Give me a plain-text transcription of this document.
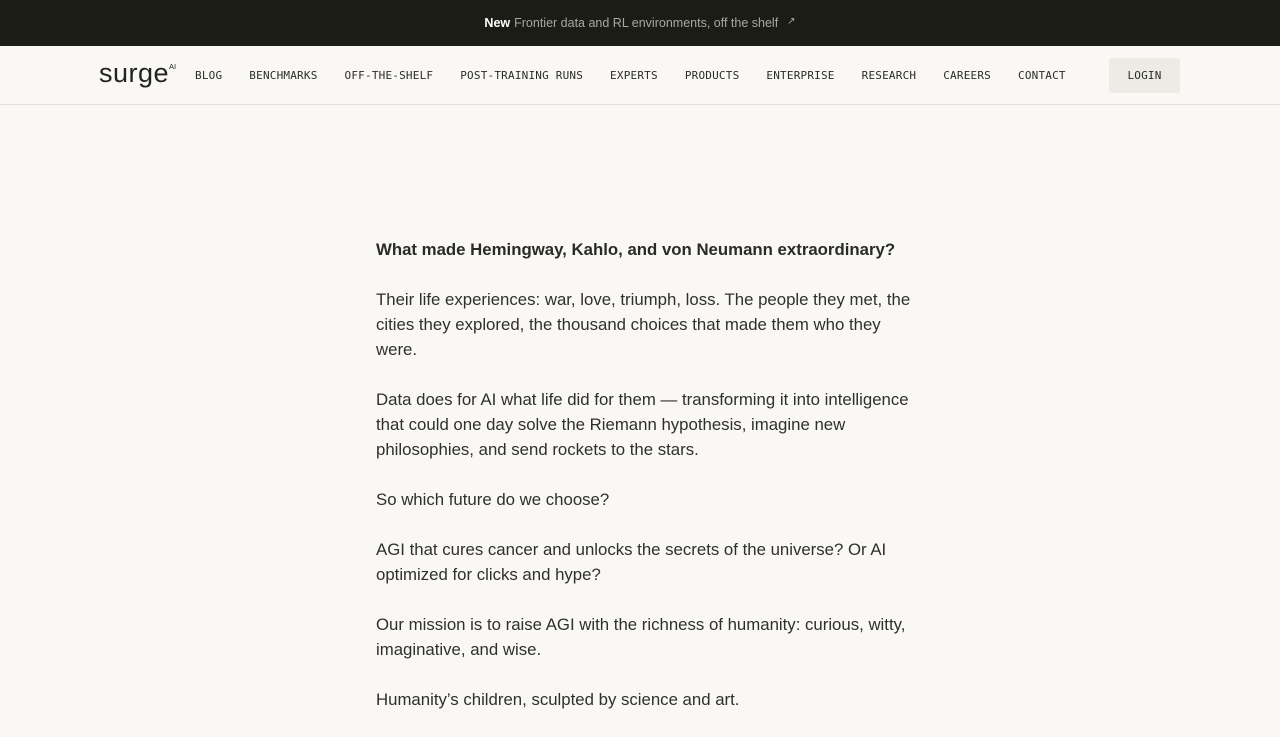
New Frontier data and RL environments, off the shelf ↗
surge AI
BLOG BENCHMARKS OFF-THE-SHELF POST-TRAINING RUNS EXPERTS PRODUCTS ENTERPRISE RESEARCH CAREERS CONTACT	LOGIN

What made Hemingway, Kahlo, and von Neumann extraordinary?

Their life experiences: war, love, triumph, loss. The people they met, the cities they explored, the thousand choices that made them who they were.

Data does for AI what life did for them — transforming it into intelligence that could one day solve the Riemann hypothesis, imagine new philosophies, and send rockets to the stars.

So which future do we choose?

AGI that cures cancer and unlocks the secrets of the universe? Or AI optimized for clicks and hype?

Our mission is to raise AGI with the richness of humanity: curious, witty, imaginative, and wise.

Humanity’s children, sculpted by science and art.
